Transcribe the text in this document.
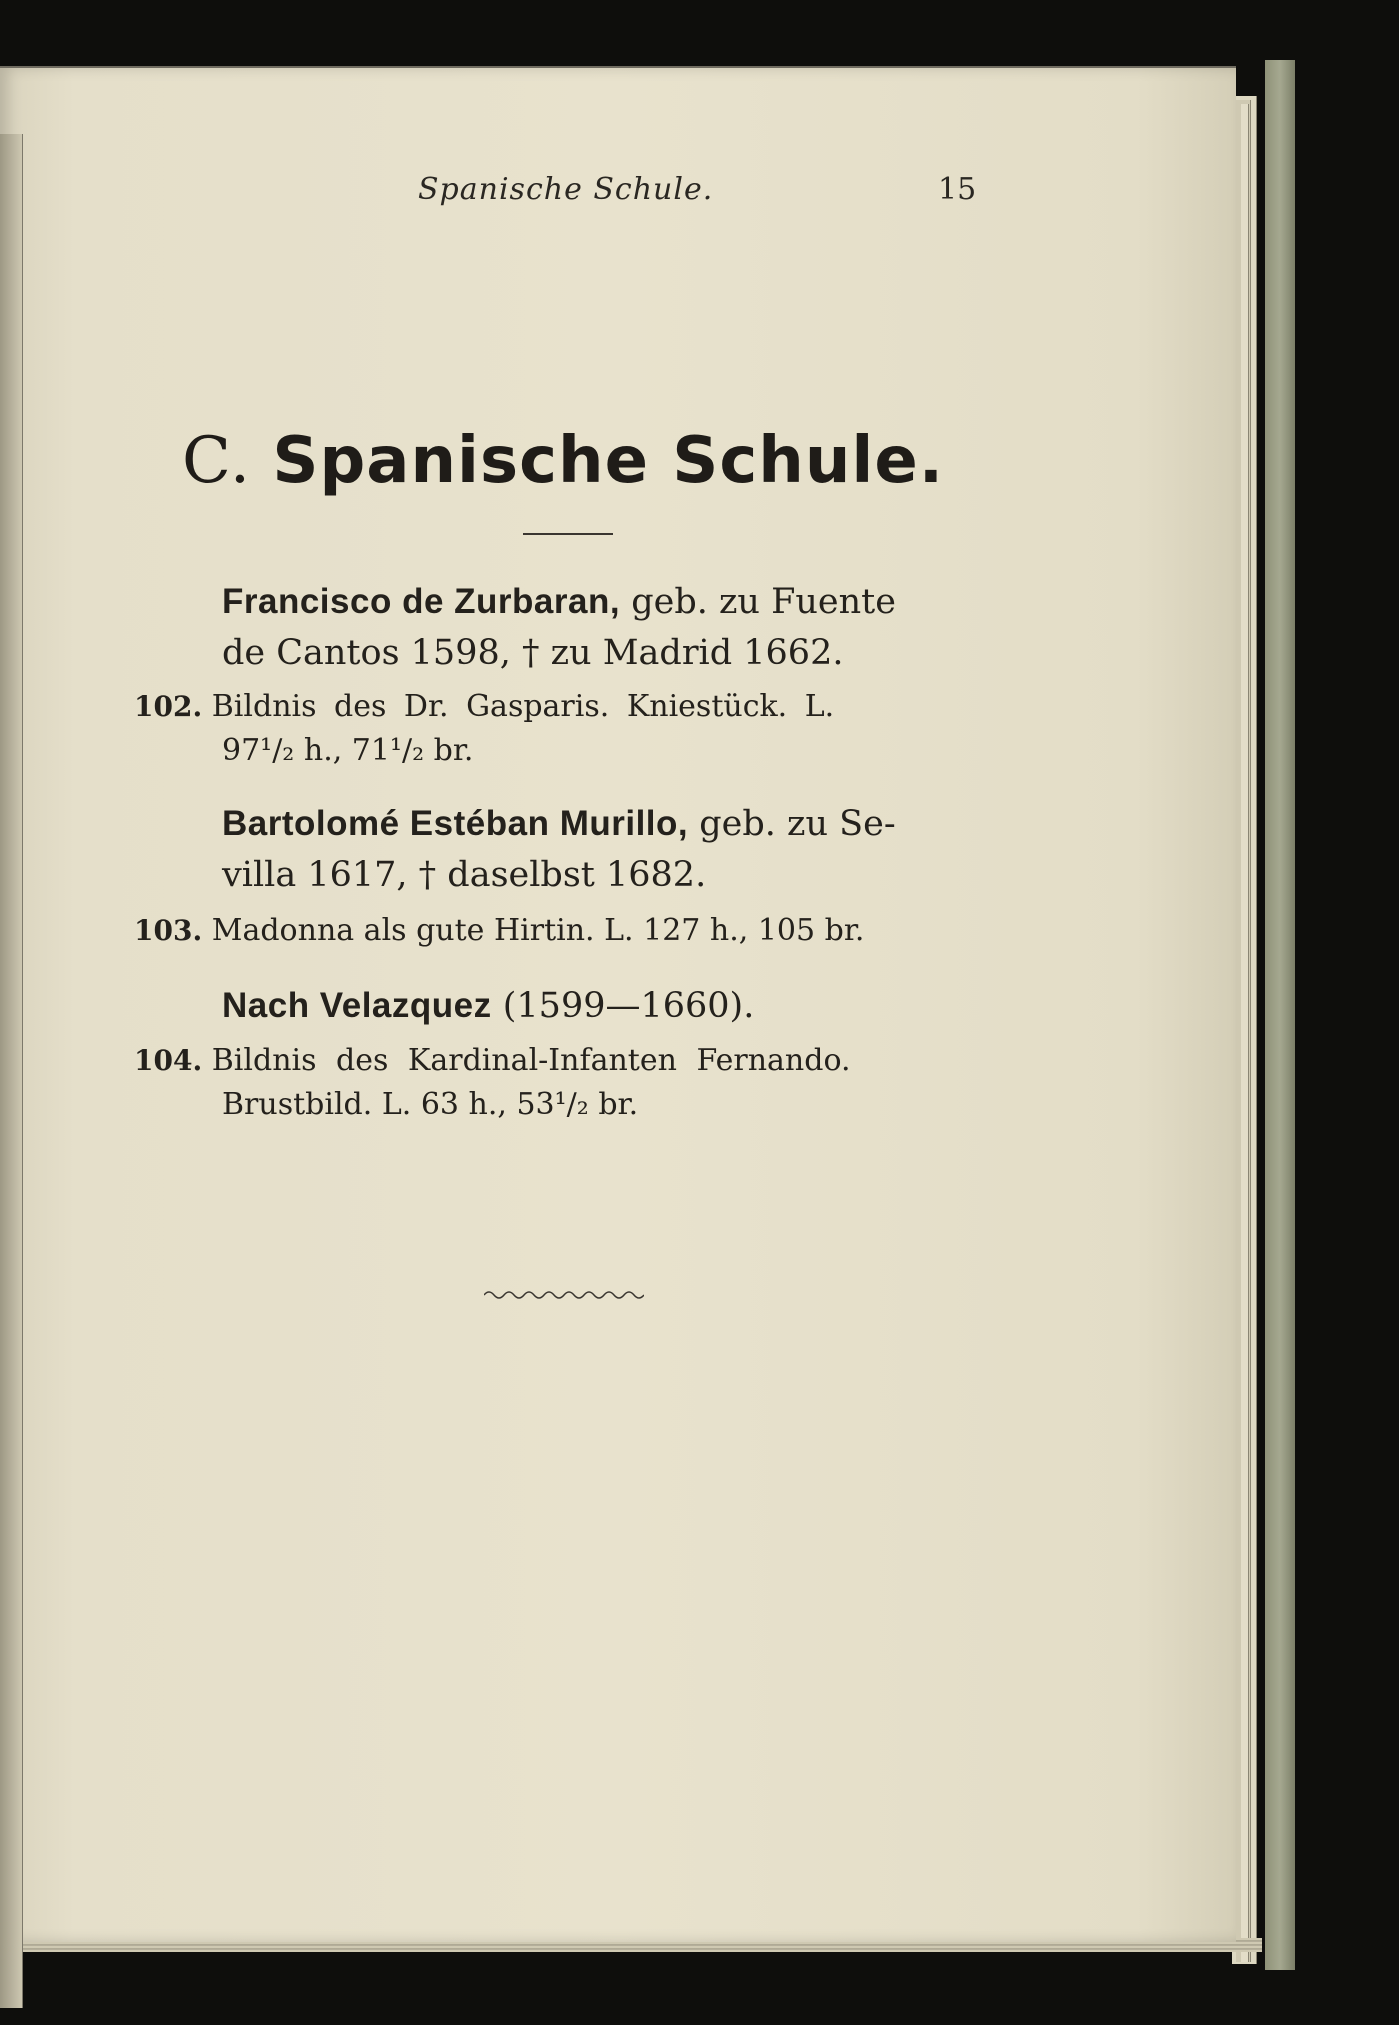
Spanische Schule.	15
C. Spanische Schule.
Francisco de Zurbaran, geb. zu Fuente
de Cantos 1598, † zu Madrid 1662.
102. Bildnis des Dr. Gasparis. Kniestück. L.
97¹/₂ h., 71¹/₂ br.
Bartolomé Estéban Murillo, geb. zu Se-
villa 1617, † daselbst 1682.
103. Madonna als gute Hirtin. L. 127 h., 105 br.
Nach Velazquez (1599—1660).
104. Bildnis des Kardinal-Infanten Fernando.
Brustbild. L. 63 h., 53¹/₂ br.
